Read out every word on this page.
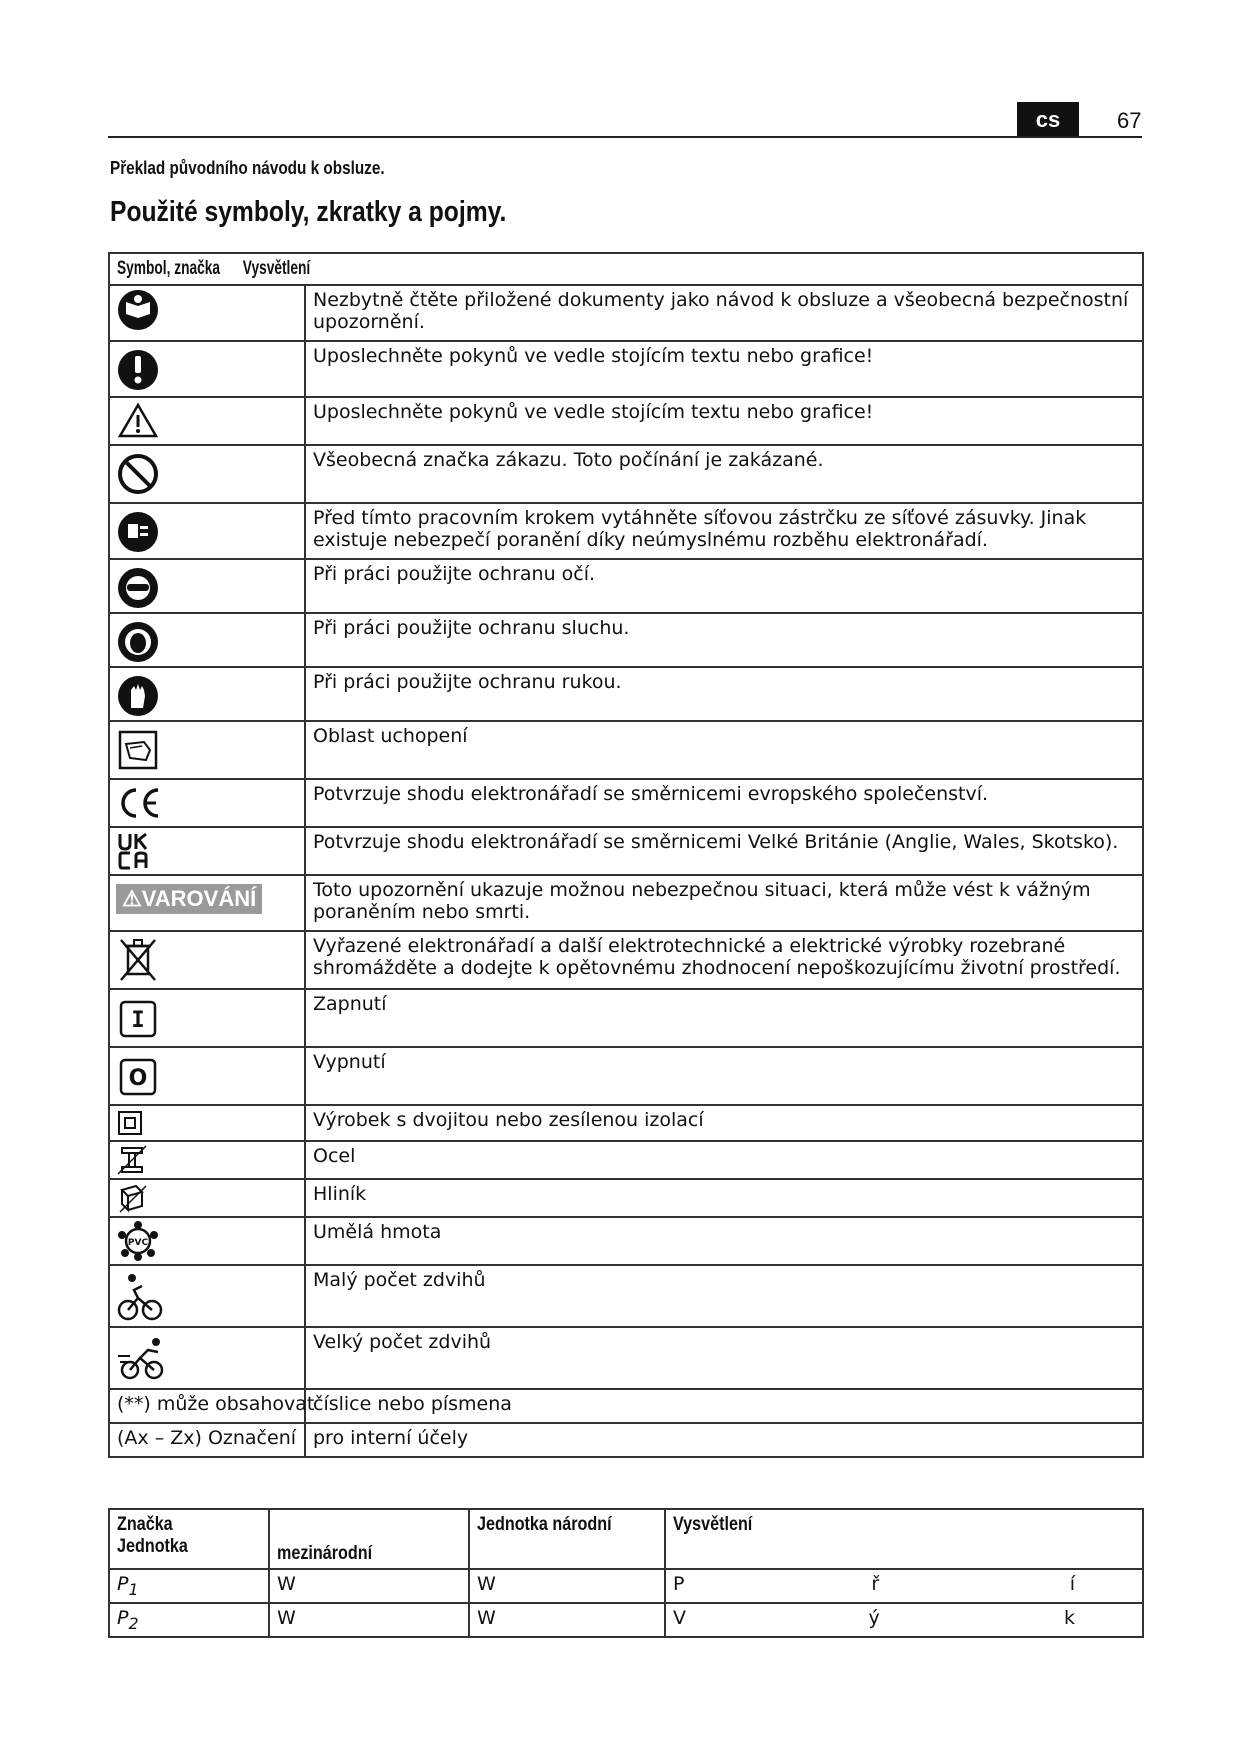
cs	67
Překlad původního návodu k obsluze.
Použité symboly, zkratky a pojmy.
Symbol, značka Vysvětlení	

	Nezbytně čtěte přiložené dokumenty jako návod k obsluze a všeobecná bezpečnostní upozornění.

	Uposlechněte pokynů ve vedle stojícím textu nebo grafice!

	Uposlechněte pokynů ve vedle stojícím textu nebo grafice!

	Všeobecná značka zákazu. Toto počínání je zakázané.

	Před tímto pracovním krokem vytáhněte síťovou zástrčku ze síťové zásuvky. Jinak existuje nebezpečí poranění díky neúmyslnému rozběhu elektronářadí.

	Při práci použijte ochranu očí.

	Při práci použijte ochranu sluchu.

	Při práci použijte ochranu rukou.

	Oblast uchopení

	Potvrzuje shodu elektronářadí se směrnicemi evropského společenství.

	Potvrzuje shodu elektronářadí se směrnicemi Velké Británie (Anglie, Wales, Skotsko).
⚠VAROVÁNÍ	Toto upozornění ukazuje možnou nebezpečnou situaci, která může vést k vážným poraněním nebo smrti.

	Vyřazené elektronářadí a další elektrotechnické a elektrické výrobky rozebrané shromážděte a dodejte k opětovnému zhodnocení nepoškozujícímu životní prostředí.

I	Zapnutí

O	Vypnutí

	Výrobek s dvojitou nebo zesílenou izolací

	Ocel

	Hliník

PVC	Umělá hmota

	Malý počet zdvihů

	Velký počet zdvihů
(**) může obsahovat	číslice nebo písmena
(Ax – Zx) Označení	pro interní účely
Značka Jednotka	mezinárodní	Jednotka národní	Vysvětlení
$P_1$	W	W	P ř í

$P_2$	W	W	V ý k
